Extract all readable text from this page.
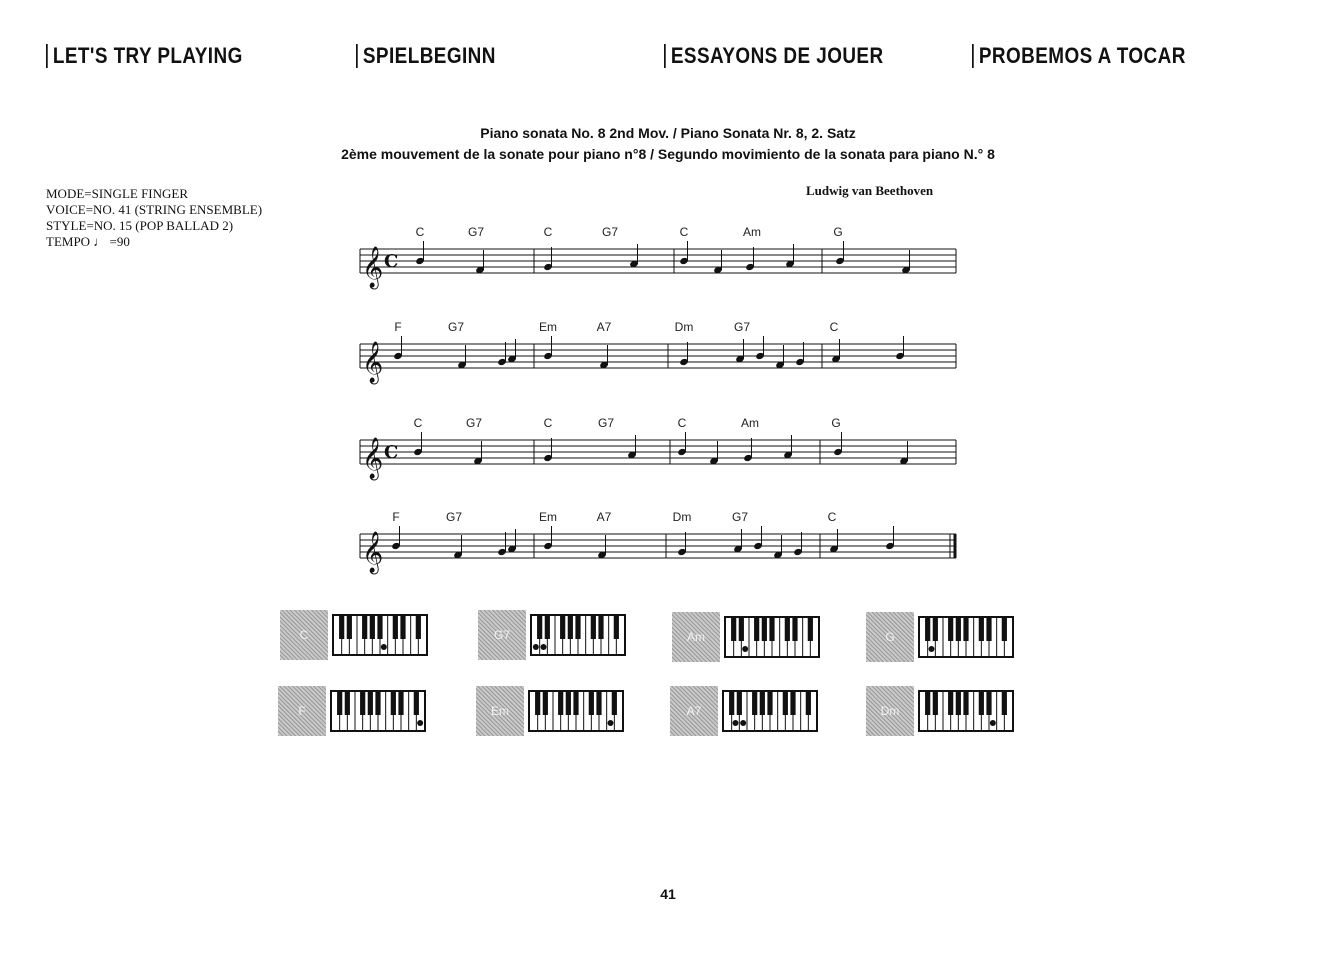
LET'S TRY PLAYING	SPIELBEGINN	ESSAYONS DE JOUER	PROBEMOS A TOCAR
Piano sonata No. 8 2nd Mov. / Piano Sonata Nr. 8, 2. Satz
2ème mouvement de la sonate pour piano n°8 / Segundo movimiento de la sonata para piano N.° 8
Ludwig van Beethoven
MODE=SINGLE FINGER
VOICE=NO. 41 (STRING ENSEMBLE)
STYLE=NO. 15 (POP BALLAD 2)
TEMPO ♩ =90
𝄞 C
C	G7	C	G7	C	Am	G
𝄞
F	G7	Em	A7	Dm	G7	C
𝄞 C
C	G7	C	G7	C	Am	G
𝄞
F	G7	Em	A7	Dm	G7	C
C	G7	Am	G
F	Em	A7	Dm
41
